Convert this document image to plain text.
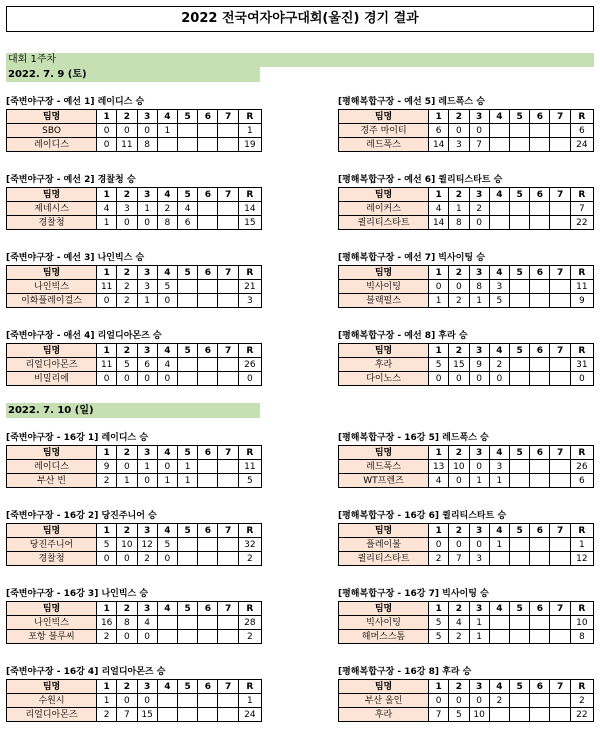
2022 전국여자야구대회(울진) 경기 결과
대회 1주차
2022. 7. 9 (토)
2022. 7. 10 (일)
[죽변야구장 - 예선 1] 레이디스 승
팀명	1	2	3	4	5	6	7	R
SBO	0	0	0	1				1
레이디스	0	11	8					19
[평해복합구장 - 예선 5] 레드폭스 승
팀명	1	2	3	4	5	6	7	R
경주 마이티	6	0	0					6
레드폭스	14	3	7					24
[죽변야구장 - 예선 2] 경찰청 승
팀명	1	2	3	4	5	6	7	R
제네시스	4	3	1	2	4			14
경찰청	1	0	0	8	6			15
[평해복합구장 - 예선 6] 퀼리티스타트 승
팀명	1	2	3	4	5	6	7	R
레이커스	4	1	2					7
퀼리티스타트	14	8	0					22
[죽변야구장 - 예선 3] 나인빅스 승
팀명	1	2	3	4	5	6	7	R
나인빅스	11	2	3	5				21
이화플레이걸스	0	2	1	0				3
[평해복합구장 - 예선 7] 빅사이팅 승
팀명	1	2	3	4	5	6	7	R
빅사이팅	0	0	8	3				11
블랙펄스	1	2	1	5				9
[죽변야구장 - 애선 4] 리얼디아몬즈 승
팀명	1	2	3	4	5	6	7	R
리얼디아몬즈	11	5	6	4				26
비밀리에	0	0	0	0				0
[평해복합구장 - 예선 8] 후라 승
팀명	1	2	3	4	5	6	7	R
후라	5	15	9	2				31
다이노스	0	0	0	0				0
[죽변야구장 - 16강 1] 레이디스 승
팀명	1	2	3	4	5	6	7	R
레이디스	9	0	1	0	1			11
부산 빈	2	1	0	1	1			5
[평해복합구장 - 16강 5] 레드폭스 승
팀명	1	2	3	4	5	6	7	R
레드폭스	13	10	0	3				26
WT프렌즈	4	0	1	1				6
[죽변야구장 - 16강 2] 당진주니어 승
팀명	1	2	3	4	5	6	7	R
당진주니어	5	10	12	5				32
경찰청	0	0	2	0				2
[평해복합구장 - 16강 6] 퀼리티스타트 승
팀명	1	2	3	4	5	6	7	R
플레이볼	0	0	0	1				1
퀼리티스타트	2	7	3					12
[죽변야구장 - 16강 3] 나인빅스 승
팀명	1	2	3	4	5	6	7	R
나인빅스	16	8	4					28
포항 블루씨	2	0	0					2
[평해복합구장 - 16강 7] 빅사이팅 승
팀명	1	2	3	4	5	6	7	R
빅사이팅	5	4	1					10
해머스스톰	5	2	1					8
[죽변야구장 - 16강 4] 리얼디아몬즈 승
팀명	1	2	3	4	5	6	7	R
수원시	1	0	0					1
리얼디아몬즈	2	7	15					24
[평해복합구장 - 16강 8] 후라 승
팀명	1	2	3	4	5	6	7	R
부산 올인	0	0	0	2				2
후라	7	5	10					22
